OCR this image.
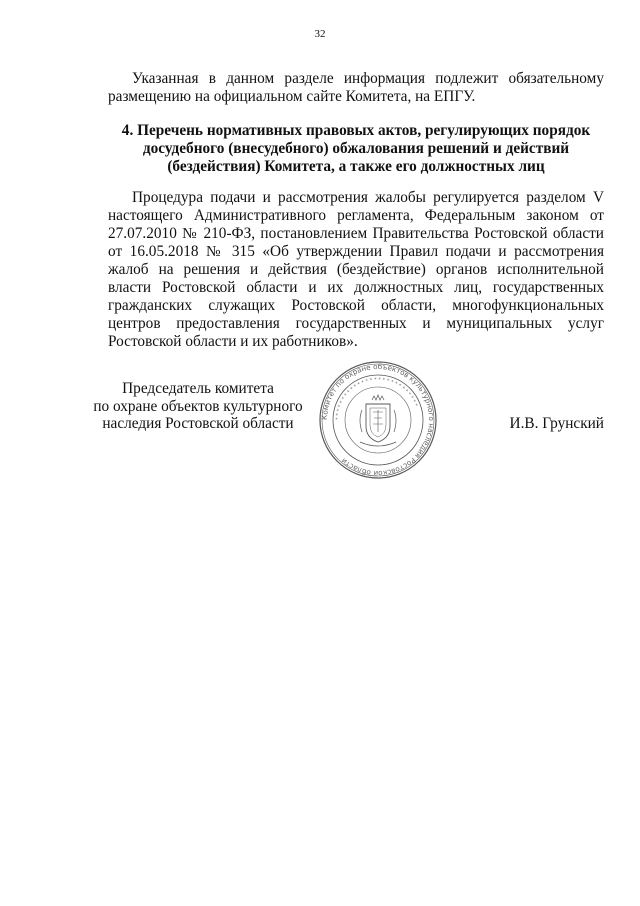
32

Указанная в данном разделе информация подлежит обязательному размещению на официальном сайте Комитета, на ЕПГУ.

4. Перечень нормативных правовых актов, регулирующих порядок досудебного (внесудебного) обжалования решений и действий (бездействия) Комитета, а также его должностных лиц

Процедура подачи и рассмотрения жалобы регулируется разделом V настоящего Административного регламента, Федеральным законом от 27.07.2010 № 210-ФЗ, постановлением Правительства Ростовской области от 16.05.2018 № 315 «Об утверждении Правил подачи и рассмотрения жалоб на решения и действия (бездействие) органов исполнительной власти Ростовской области и их должностных лиц, государственных гражданских служащих Ростовской области, многофункциональных центров предоставления государственных и муниципальных услуг Ростовской области и их работников».

Председатель комитета
по охране объектов культурного
наследия Ростовской области	Комитет по охране объектов культурного наследия Ростовской области
* * * * * * * * * * * * * * * * * * * * * * * * * * *
И.В. Грунский
